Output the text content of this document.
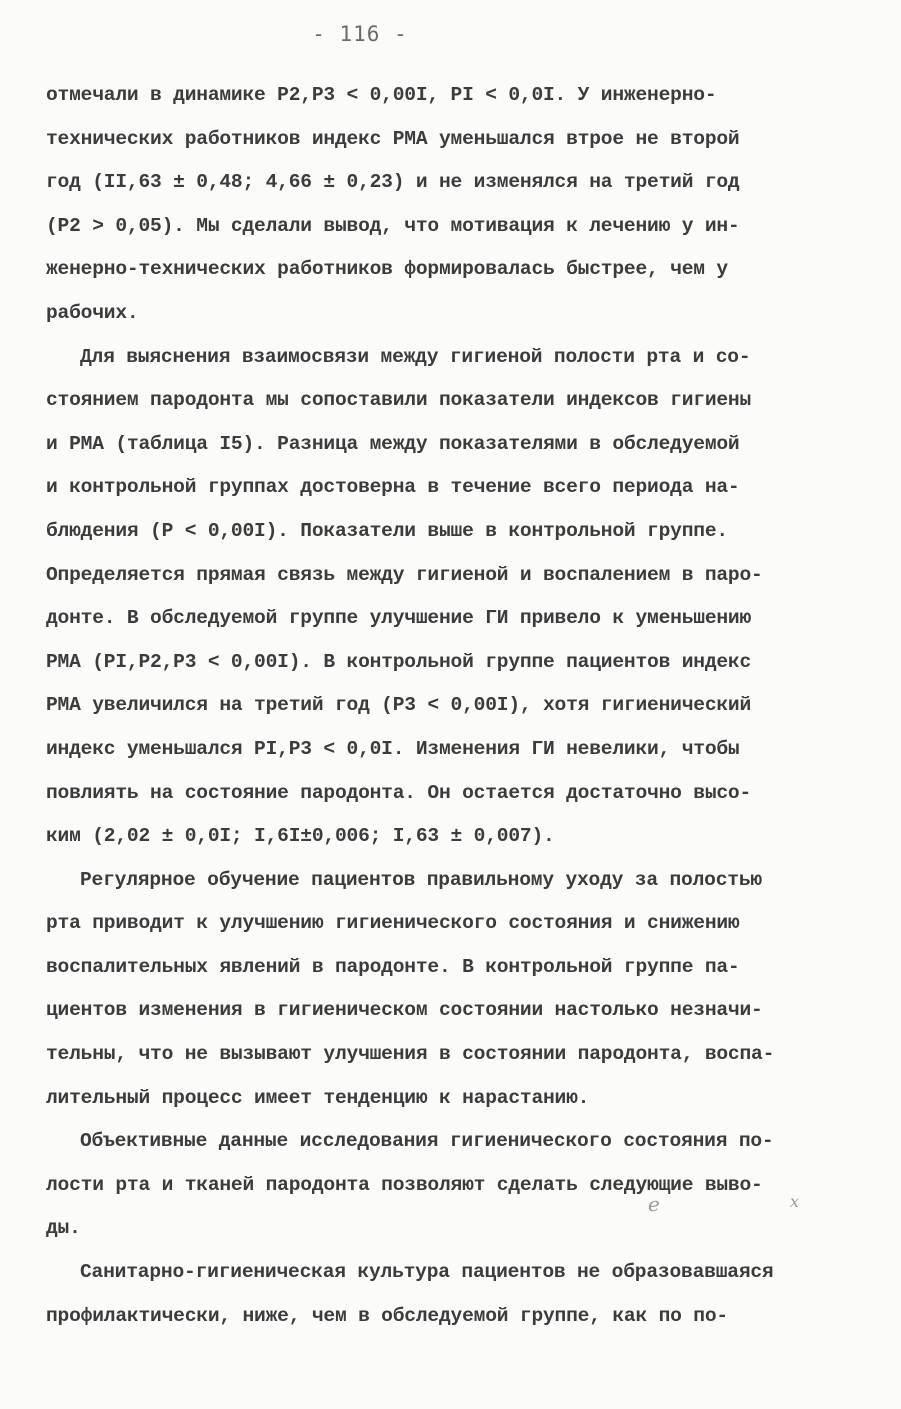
- 116 -
отмечали в динамике P2,P3 < 0,00I, PI < 0,0I. У инженерно-
технических работников индекс РМА уменьшался втрое не второй
год (II,63 ± 0,48; 4,66 ± 0,23) и не изменялся на третий год
(P2 > 0,05). Мы сделали вывод, что мотивация к лечению у ин-
женерно-технических работников формировалась быстрее, чем у
рабочих.
Для выяснения взаимосвязи между гигиеной полости рта и со-
стоянием пародонта мы сопоставили показатели индексов гигиены
и РМА (таблица I5). Разница между показателями в обследуемой
и контрольной группах достоверна в течение всего периода на-
блюдения (P < 0,00I). Показатели выше в контрольной группе.
Определяется прямая связь между гигиеной и воспалением в паро-
донте. В обследуемой группе улучшение ГИ привело к уменьшению
РМА (PI,P2,P3 < 0,00I). В контрольной группе пациентов индекс
РМА увеличился на третий год (P3 < 0,00I), хотя гигиенический
индекс уменьшался PI,P3 < 0,0I. Изменения ГИ невелики, чтобы
повлиять на состояние пародонта. Он остается достаточно высо-
ким (2,02 ± 0,0I; I,6I±0,006; I,63 ± 0,007).
Регулярное обучение пациентов правильному уходу за полостью
рта приводит к улучшению гигиенического состояния и снижению
воспалительных явлений в пародонте. В контрольной группе па-
циентов изменения в гигиеническом состоянии настолько незначи-
тельны, что не вызывают улучшения в состоянии пародонта, воспа-
лительный процесс имеет тенденцию к нарастанию.
Объективные данные исследования гигиенического состояния по-
лости рта и тканей пародонта позволяют сделать следующие выво-
ды.
Санитарно-гигиеническая культура пациентов не образовавшаяся
профилактически, ниже, чем в обследуемой группе, как по по-
е	х
